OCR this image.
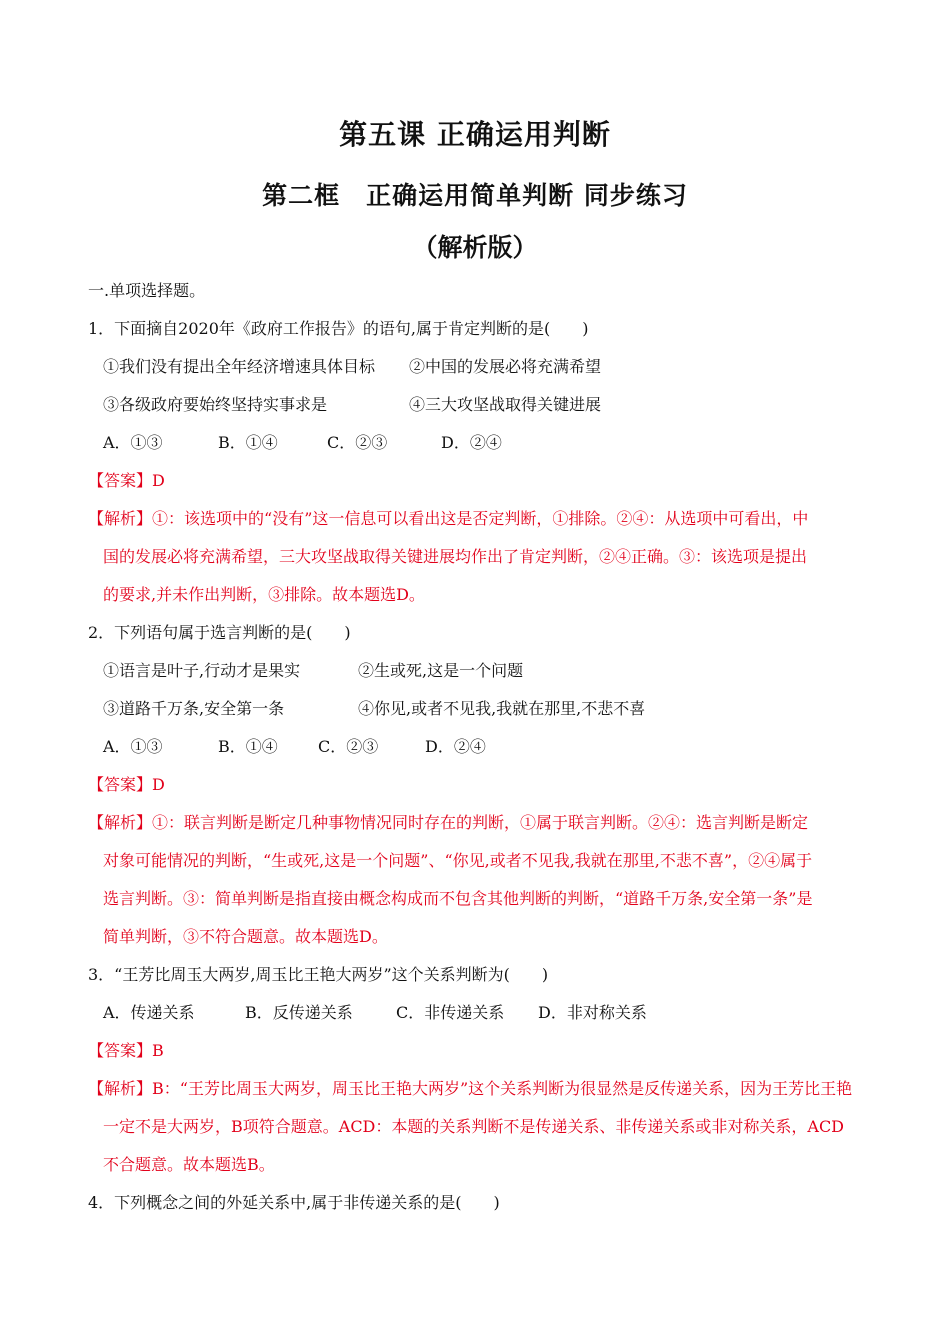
第五课 正确运用判断
第二框　正确运用简单判断 同步练习
（解析版）
一.单项选择题。
1．下面摘自2020年《政府工作报告》的语句,属于肯定判断的是(　　)
①我们没有提出全年经济增速具体目标 ②中国的发展必将充满希望
③各级政府要始终坚持实事求是	④三大攻坚战取得关键进展
A．①③	B．①④	C．②③	D．②④
【答案】D
【解析】①：该选项中的“没有”这一信息可以看出这是否定判断，①排除。②④：从选项中可看出，中
国的发展必将充满希望，三大攻坚战取得关键进展均作出了肯定判断，②④正确。③：该选项是提出
的要求,并未作出判断，③排除。故本题选D。
2．下列语句属于选言判断的是(　　)
①语言是叶子,行动才是果实	②生或死,这是一个问题
③道路千万条,安全第一条	④你见,或者不见我,我就在那里,不悲不喜
A．①③	B．①④	C．②③	D．②④
【答案】D
【解析】①：联言判断是断定几种事物情况同时存在的判断，①属于联言判断。②④：选言判断是断定
对象可能情况的判断，“生或死,这是一个问题”、“你见,或者不见我,我就在那里,不悲不喜”，②④属于
选言判断。③：简单判断是指直接由概念构成而不包含其他判断的判断，“道路千万条,安全第一条”是
简单判断，③不符合题意。故本题选D。
3．“王芳比周玉大两岁,周玉比王艳大两岁”这个关系判断为(　　)
A．传递关系	B．反传递关系	C．非传递关系 D．非对称关系
【答案】B
【解析】B：“王芳比周玉大两岁，周玉比王艳大两岁”这个关系判断为很显然是反传递关系，因为王芳比王艳
一定不是大两岁，B项符合题意。ACD：本题的关系判断不是传递关系、非传递关系或非对称关系，ACD
不合题意。故本题选B。
4．下列概念之间的外延关系中,属于非传递关系的是(　　)
